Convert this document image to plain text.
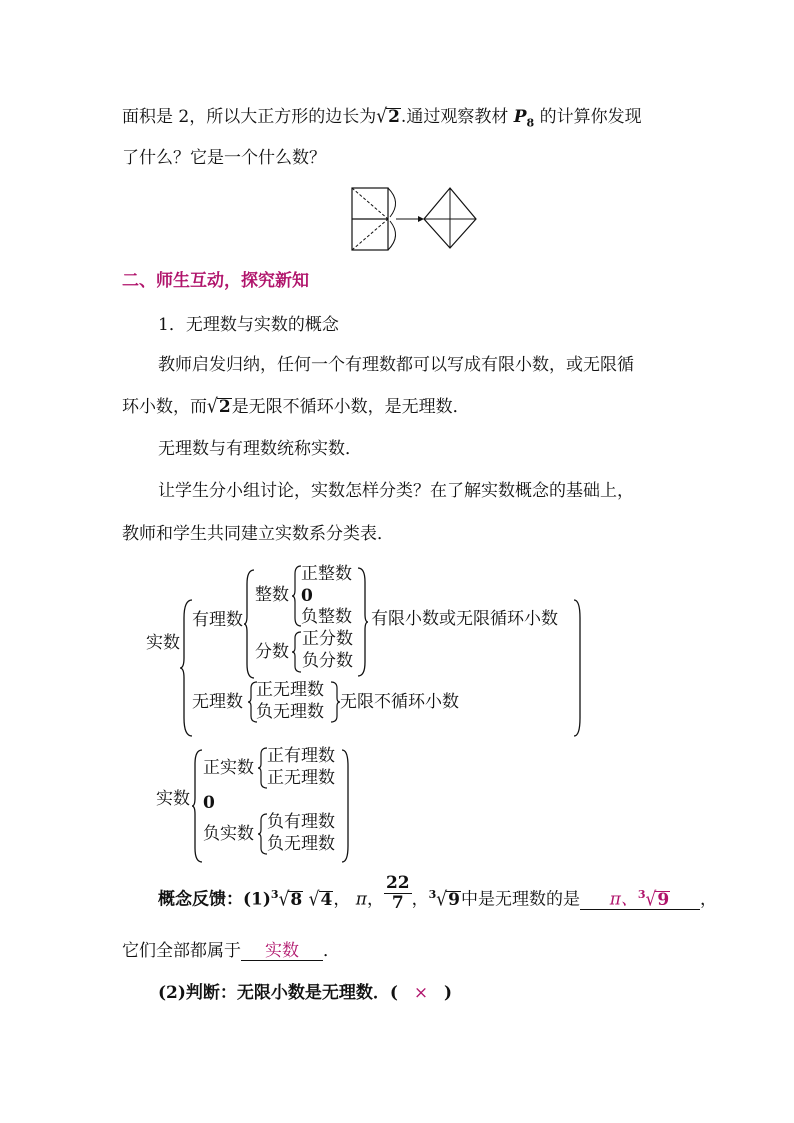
面积是 2，所以大正方形的边长为√2.通过观察教材 $P_8$ 的计算你发现
了什么？它是一个什么数？
二、师生互动，探究新知
1．无理数与实数的概念
教师启发归纳，任何一个有理数都可以写成有限小数，或无限循
环小数，而√2是无限不循环小数，是无理数．
无理数与有理数统称实数．
让学生分小组讨论，实数怎样分类？在了解实数概念的基础上，
教师和学生共同建立实数系分类表．
实数
有理数
整数
正整数
0
负整数
分数
正分数
负分数
有限小数或无限循环小数
无理数
正无理数
负无理数 无限不循环小数
实数
正实数
正有理数
正无理数
0
负实数
负有理数
负无理数
概念反馈：$(1)^3√8$ √4， π， $\frac{22}{7}$ ，$^3$√9中是无理数的是 π、$^3$√9 ，
它们全部都属于 实数 ．
(2)判断：无限小数是无理数．( × )
